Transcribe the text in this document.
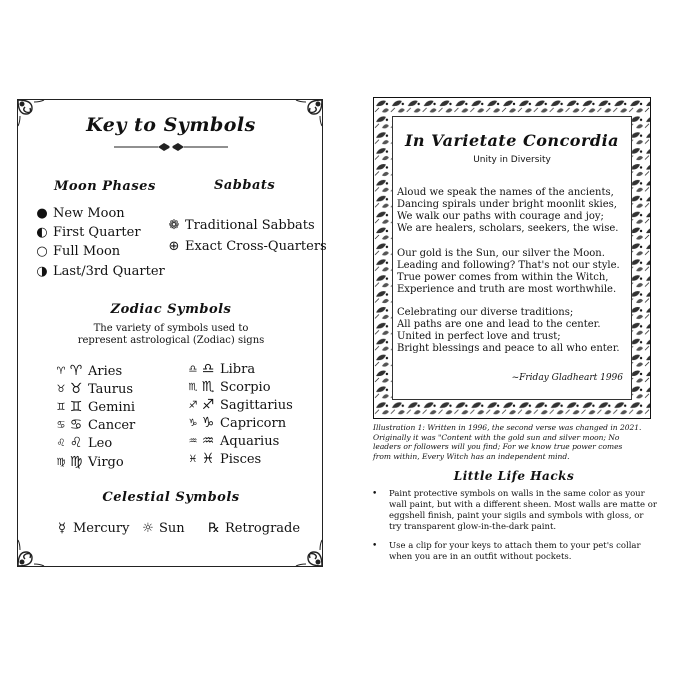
Key to Symbols
Moon Phases
● New Moon
◐ First Quarter
○ Full Moon
◑ Last/3rd Quarter
Sabbats
❁ Traditional Sabbats
⊕ Exact Cross-Quarters
Zodiac Symbols
The variety of symbols used to
represent astrological (Zodiac) signs
♈ ♈ Aries
♉ ♉ Taurus
♊ ♊ Gemini
♋ ♋ Cancer
♌ ♌ Leo
♍ ♍ Virgo
♎ ♎ Libra
♏ ♏ Scorpio
♐ ♐ Sagittarius
♑ ♑ Capricorn
♒ ♒ Aquarius
♓ ♓ Pisces
Celestial Symbols
☿ Mercury ☼ Sun ℞ Retrograde
In Varietate Concordia
Unity in Diversity
Aloud we speak the names of the ancients,
Dancing spirals under bright moonlit skies,
We walk our paths with courage and joy;
We are healers, scholars, seekers, the wise.
Our gold is the Sun, our silver the Moon.
Leading and following? That's not our style.
True power comes from within the Witch,
Experience and truth are most worthwhile.
Celebrating our diverse traditions;
All paths are one and lead to the center.
United in perfect love and trust;
Bright blessings and peace to all who enter.
~Friday Gladheart 1996
Illustration 1: Written in 1996, the second verse was changed in 2021.
Originally it was "Content with the gold sun and silver moon; No
leaders or followers will you find; For we know true power comes
from within, Every Witch has an independent mind.
Little Life Hacks
• Paint protective symbols on walls in the same color as your
wall paint, but with a different sheen. Most walls are matte or
eggshell finish, paint your sigils and symbols with gloss, or
try transparent glow-in-the-dark paint.
• Use a clip for your keys to attach them to your pet's collar
when you are in an outfit without pockets.
